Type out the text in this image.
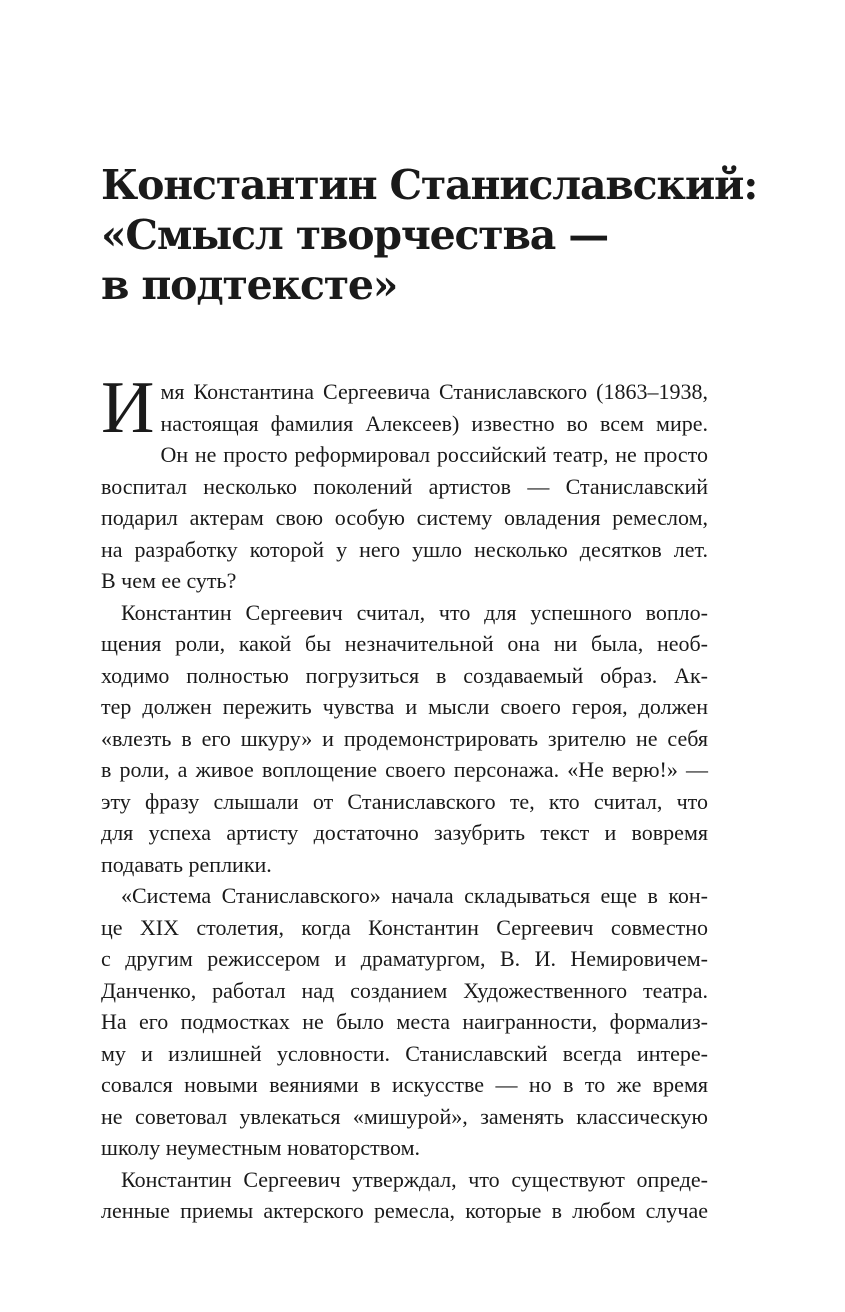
Константин Станиславский:
«Смысл творчества —
в подтексте»

И мя Константина Сергеевича Станиславского (1863–1938,
настоящая фамилия Алексеев) известно во всем мире.
Он не просто реформировал российский театр, не просто
воспитал несколько поколений артистов — Станиславский
подарил актерам свою особую систему овладения ремеслом,
на разработку которой у него ушло несколько десятков лет.
В чем ее суть?

Константин Сергеевич считал, что для успешного вопло-
щения роли, какой бы незначительной она ни была, необ-
ходимо полностью погрузиться в создаваемый образ. Ак-
тер должен пережить чувства и мысли своего героя, должен
«влезть в его шкуру» и продемонстрировать зрителю не себя
в роли, а живое воплощение своего персонажа. «Не верю!» —
эту фразу слышали от Станиславского те, кто считал, что
для успеха артисту достаточно зазубрить текст и вовремя
подавать реплики.

«Система Станиславского» начала складываться еще в кон-
це XIX столетия, когда Константин Сергеевич совместно
с другим режиссером и драматургом, В. И. Немировичем-
Данченко, работал над созданием Художественного театра.
На его подмостках не было места наигранности, формализ-
му и излишней условности. Станиславский всегда интере-
совался новыми веяниями в искусстве — но в то же время
не советовал увлекаться «мишурой», заменять классическую
школу неуместным новаторством.

Константин Сергеевич утверждал, что существуют опреде-
ленные приемы актерского ремесла, которые в любом случае
